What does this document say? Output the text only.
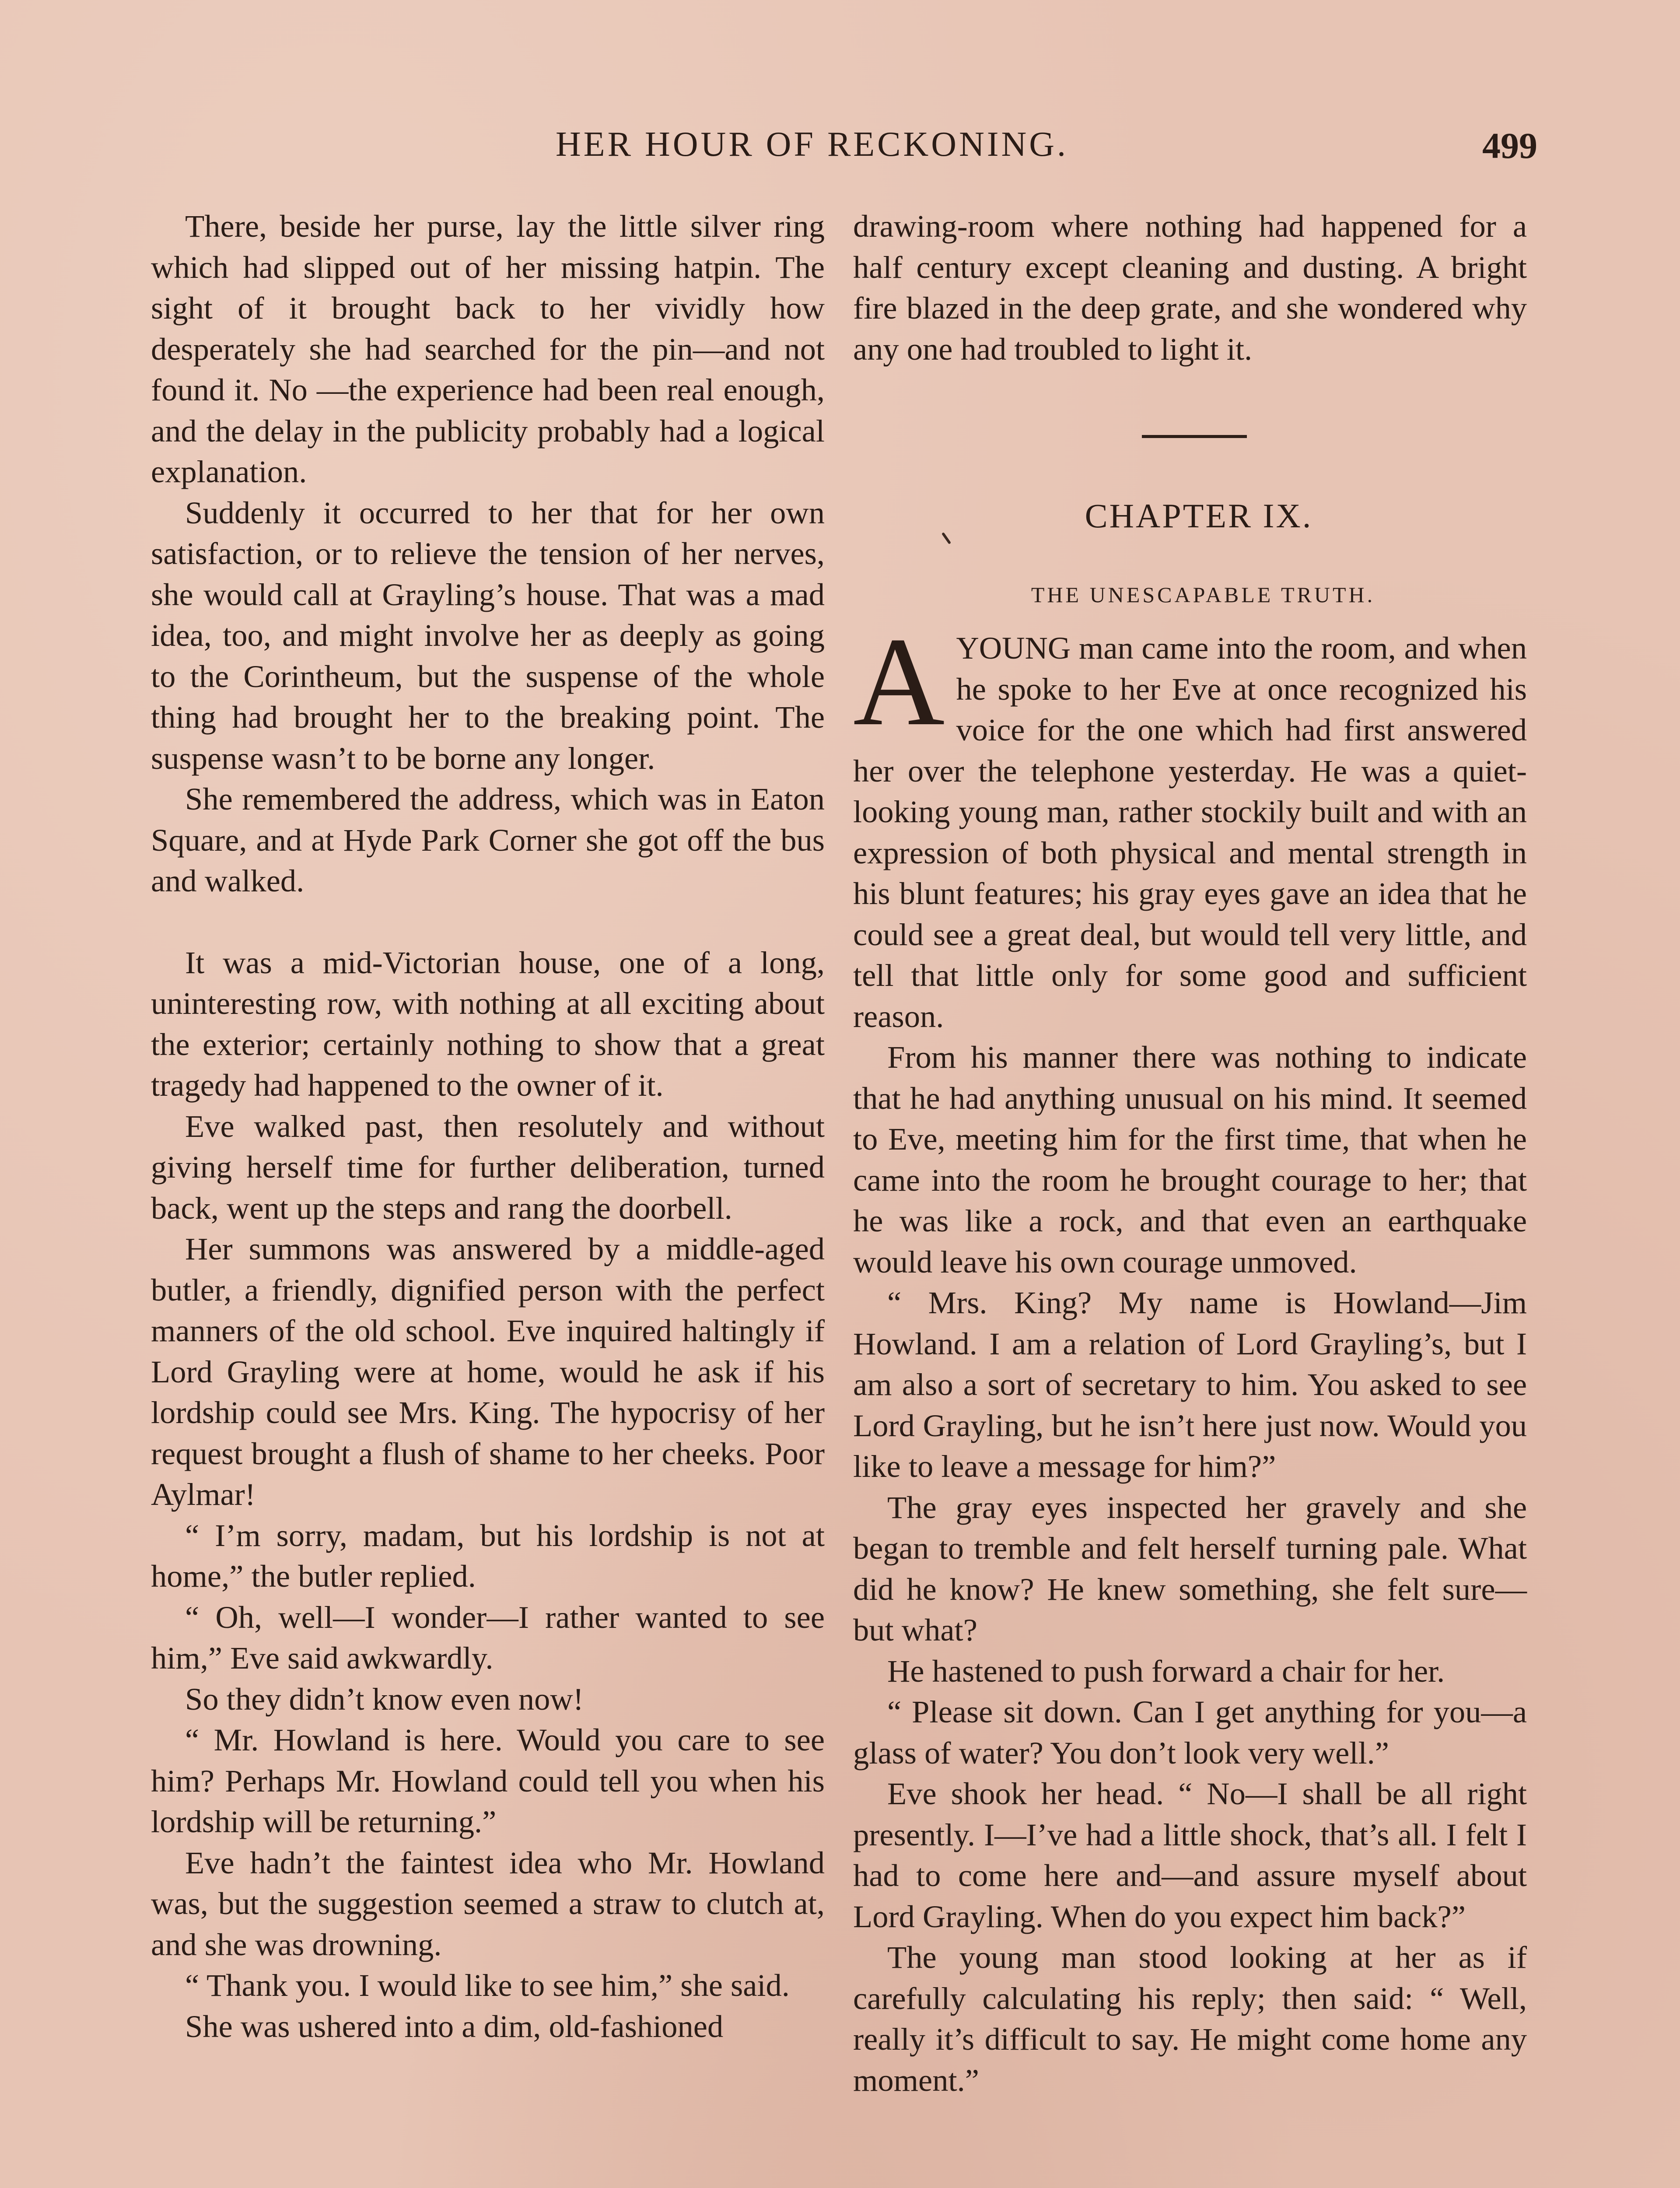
HER HOUR OF RECKONING.	499

There, beside her purse, lay the little silver ring which had slipped out of her missing hatpin. The sight of it brought back to her vividly how desperately she had searched for the pin—and not found it. No —the experience had been real enough, and the delay in the publicity probably had a logical explanation.

Suddenly it occurred to her that for her own satisfaction, or to relieve the tension of her nerves, she would call at Grayling’s house. That was a mad idea, too, and might involve her as deeply as going to the Corintheum, but the suspense of the whole thing had brought her to the breaking point. The suspense wasn’t to be borne any longer.

She remembered the address, which was in Eaton Square, and at Hyde Park Corner she got off the bus and walked.

It was a mid-Victorian house, one of a long, uninteresting row, with nothing at all exciting about the exterior; certainly nothing to show that a great tragedy had happened to the owner of it.

Eve walked past, then resolutely and without giving herself time for further deliberation, turned back, went up the steps and rang the doorbell.

Her summons was answered by a middle-aged butler, a friendly, dignified person with the perfect manners of the old school. Eve inquired haltingly if Lord Grayling were at home, would he ask if his lordship could see Mrs. King. The hypocrisy of her request brought a flush of shame to her cheeks. Poor Aylmar!

“ I’m sorry, madam, but his lordship is not at home,” the butler replied.

“ Oh, well—I wonder—I rather wanted to see him,” Eve said awkwardly.

So they didn’t know even now!

“ Mr. Howland is here. Would you care to see him? Perhaps Mr. Howland could tell you when his lordship will be returning.”

Eve hadn’t the faintest idea who Mr. Howland was, but the suggestion seemed a straw to clutch at, and she was drowning.

“ Thank you. I would like to see him,” she said.

She was ushered into a dim, old-fashioned

drawing-room where nothing had happened for a half century except cleaning and dusting. A bright fire blazed in the deep grate, and she wondered why any one had troubled to light it.

CHAPTER IX.
THE UNESCAPABLE TRUTH.

AYOUNG man came into the room, and when he spoke to her Eve at once recognized his voice for the one which had first answered her over the telephone yesterday. He was a quiet-looking young man, rather stockily built and with an expression of both physical and mental strength in his blunt features; his gray eyes gave an idea that he could see a great deal, but would tell very little, and tell that little only for some good and sufficient reason.

From his manner there was nothing to indicate that he had anything unusual on his mind. It seemed to Eve, meeting him for the first time, that when he came into the room he brought courage to her; that he was like a rock, and that even an earthquake would leave his own courage unmoved.

“ Mrs. King? My name is Howland—Jim Howland. I am a relation of Lord Grayling’s, but I am also a sort of secretary to him. You asked to see Lord Grayling, but he isn’t here just now. Would you like to leave a message for him?”

The gray eyes inspected her gravely and she began to tremble and felt herself turning pale. What did he know? He knew something, she felt sure—but what?

He hastened to push forward a chair for her.

“ Please sit down. Can I get anything for you—a glass of water? You don’t look very well.”

Eve shook her head. “ No—I shall be all right presently. I—I’ve had a little shock, that’s all. I felt I had to come here and—and assure myself about Lord Grayling. When do you expect him back?”

The young man stood looking at her as if carefully calculating his reply; then said: “ Well, really it’s difficult to say. He might come home any moment.”
